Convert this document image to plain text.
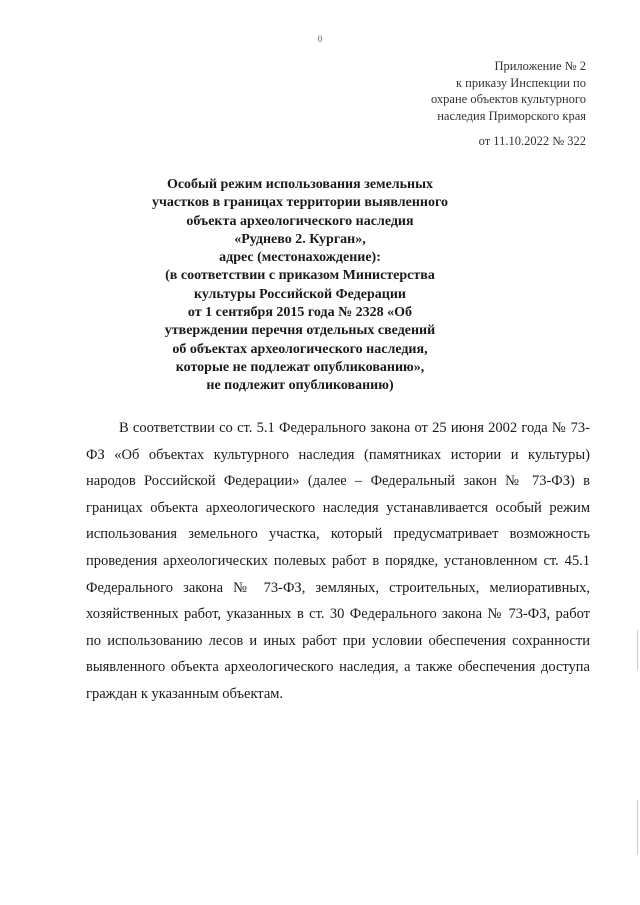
0
Приложение № 2
к приказу Инспекции по
охране объектов культурного
наследия Приморского края
от 11.10.2022 № 322
Особый режим использования земельных
участков в границах территории выявленного
объекта археологического наследия
«Руднево 2. Курган»,
адрес (местонахождение):
(в соответствии с приказом Министерства
культуры Российской Федерации
от 1 сентября 2015 года № 2328 «Об
утверждении перечня отдельных сведений
об объектах археологического наследия,
которые не подлежат опубликованию»,
не подлежит опубликованию)
В соответствии со ст. 5.1 Федерального закона от 25 июня 2002 года № 73-
ФЗ «Об объектах культурного наследия (памятниках истории и культуры)
народов Российской Федерации» (далее – Федеральный закон № 73-ФЗ) в
границах объекта археологического наследия устанавливается особый режим
использования земельного участка, который предусматривает возможность
проведения археологических полевых работ в порядке, установленном ст. 45.1
Федерального закона № 73-ФЗ, земляных, строительных, мелиоративных,
хозяйственных работ, указанных в ст. 30 Федерального закона № 73-ФЗ, работ
по использованию лесов и иных работ при условии обеспечения сохранности
выявленного объекта археологического наследия, а также обеспечения доступа
граждан к указанным объектам.
